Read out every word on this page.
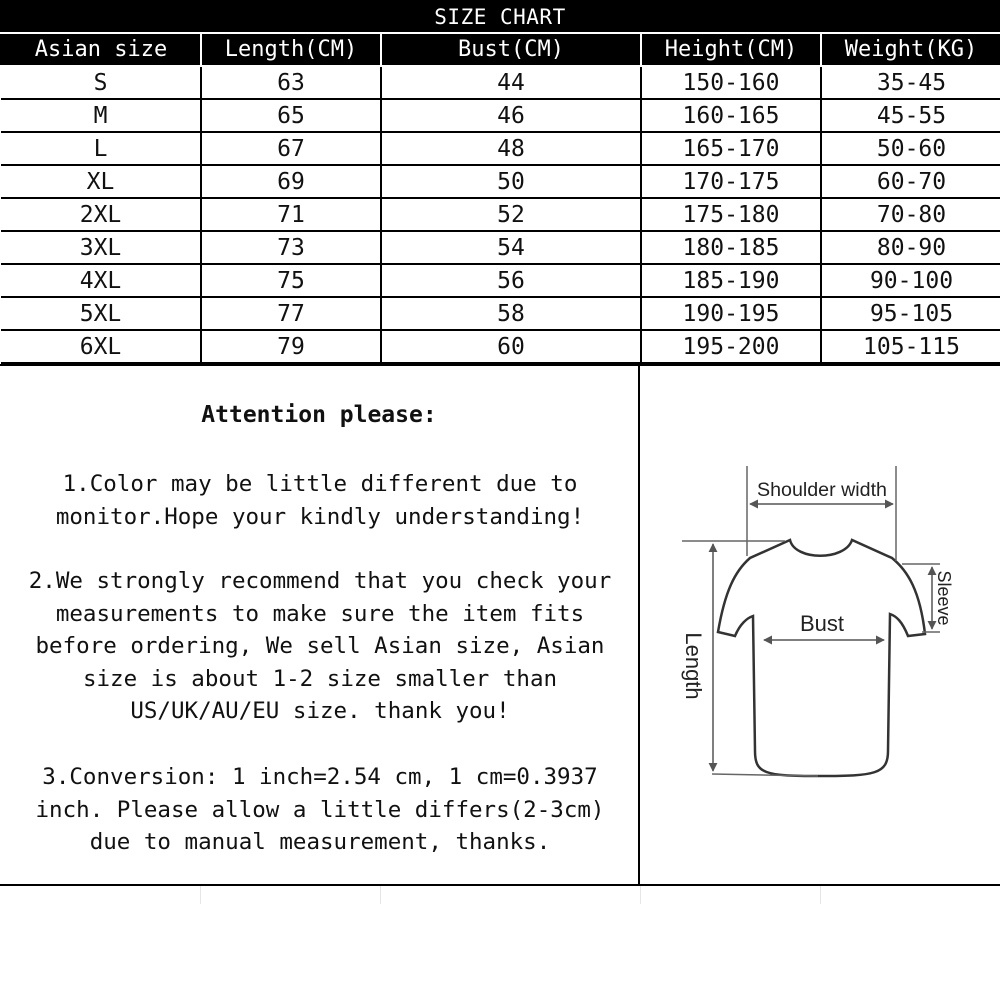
SIZE CHART
Asian size	Length(CM)	Bust(CM)	Height(CM)	Weight(KG)
S	63	44	150-160	35-45
M	65	46	160-165	45-55
L	67	48	165-170	50-60
XL	69	50	170-175	60-70
2XL	71	52	175-180	70-80
3XL	73	54	180-185	80-90
4XL	75	56	185-190	90-100
5XL	77	58	190-195	95-105
6XL	79	60	195-200	105-115
Attention please:
1.Color may be little different due to monitor.Hope your kindly understanding!
2.We strongly recommend that you check your measurements to make sure the item fits before ordering, We sell Asian size, Asian size is about 1-2 size smaller than US/UK/AU/EU size. thank you!
3.Conversion: 1 inch=2.54 cm, 1 cm=0.3937 inch. Please allow a little differs(2-3cm) due to manual measurement, thanks.
Shoulder width
Bust
Length
Sleeve
